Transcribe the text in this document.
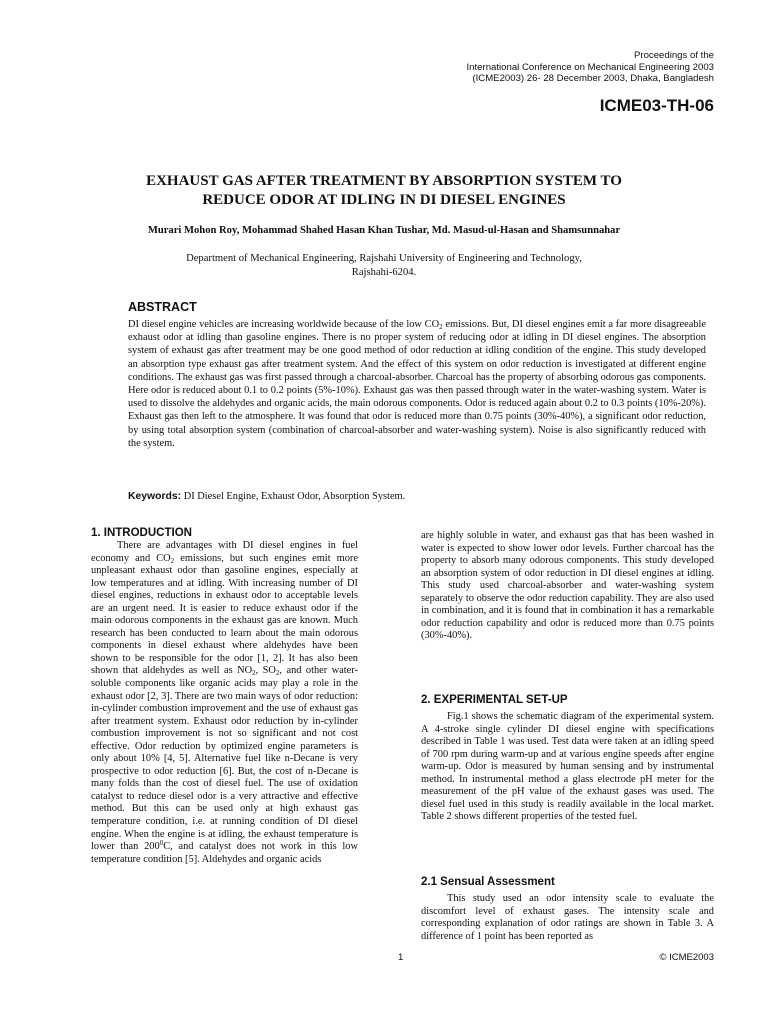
Proceedings of the
International Conference on Mechanical Engineering 2003
(ICME2003) 26- 28 December 2003, Dhaka, Bangladesh
ICME03-TH-06
EXHAUST GAS AFTER TREATMENT BY ABSORPTION SYSTEM TO
REDUCE ODOR AT IDLING IN DI DIESEL ENGINES
Murari Mohon Roy, Mohammad Shahed Hasan Khan Tushar, Md. Masud-ul-Hasan and Shamsunnahar
Department of Mechanical Engineering, Rajshahi University of Engineering and Technology,
Rajshahi-6204.
ABSTRACT
DI diesel engine vehicles are increasing worldwide because of the low $CO_2$ emissions. But, DI diesel engines emit a far more disagreeable exhaust odor at idling than gasoline engines. There is no proper system of reducing odor at idling in DI diesel engines. The absorption system of exhaust gas after treatment may be one good method of odor reduction at idling condition of the engine. This study developed an absorption type exhaust gas after treatment system. And the effect of this system on odor reduction is investigated at different engine conditions. The exhaust gas was first passed through a charcoal-absorber. Charcoal has the property of absorbing odorous gas components. Here odor is reduced about 0.1 to 0.2 points (5%-10%). Exhaust gas was then passed through water in the water-washing system. Water is used to dissolve the aldehydes and organic acids, the main odorous components. Odor is reduced again about 0.2 to 0.3 points (10%-20%). Exhaust gas then left to the atmosphere. It was found that odor is reduced more than 0.75 points (30%-40%), a significant odor reduction, by using total absorption system (combination of charcoal-absorber and water-washing system). Noise is also significantly reduced with the system.
Keywords: DI Diesel Engine, Exhaust Odor, Absorption System.
1. INTRODUCTION
There are advantages with DI diesel engines in fuel economy and $CO_2$ emissions, but such engines emit more unpleasant exhaust odor than gasoline engines, especially at low temperatures and at idling. With increasing number of DI diesel engines, reductions in exhaust odor to acceptable levels are an urgent need. It is easier to reduce exhaust odor if the main odorous components in the exhaust gas are known. Much research has been conducted to learn about the main odorous components in diesel exhaust where aldehydes have been shown to be responsible for the odor [1, 2]. It has also been shown that aldehydes as well as $NO_2$, $SO_2$, and other water-soluble components like organic acids may play a role in the exhaust odor [2, 3]. There are two main ways of odor reduction: in-cylinder combustion improvement and the use of exhaust gas after treatment system. Exhaust odor reduction by in-cylinder combustion improvement is not so significant and not cost effective. Odor reduction by optimized engine parameters is only about 10% [4, 5]. Alternative fuel like n-Decane is very prospective to odor reduction [6]. But, the cost of n-Decane is many folds than the cost of diesel fuel. The use of oxidation catalyst to reduce diesel odor is a very attractive and effective method. But this can be used only at high exhaust gas temperature condition, i.e. at running condition of DI diesel engine. When the engine is at idling, the exhaust temperature is lower than $200^0C$, and catalyst does not work in this low temperature condition [5]. Aldehydes and organic acids
are highly soluble in water, and exhaust gas that has been washed in water is expected to show lower odor levels. Further charcoal has the property to absorb many odorous components. This study developed an absorption system of odor reduction in DI diesel engines at idling. This study used charcoal-absorber and water-washing system separately to observe the odor reduction capability. They are also used in combination, and it is found that in combination it has a remarkable odor reduction capability and odor is reduced more than 0.75 points (30%-40%).
2. EXPERIMENTAL SET-UP
Fig.1 shows the schematic diagram of the experimental system. A 4-stroke single cylinder DI diesel engine with specifications described in Table 1 was used. Test data were taken at an idling speed of 700 rpm during warm-up and at various engine speeds after engine warm-up. Odor is measured by human sensing and by instrumental method. In instrumental method a glass electrode pH meter for the measurement of the pH value of the exhaust gases was used. The diesel fuel used in this study is readily available in the local market. Table 2 shows different properties of the tested fuel.
2.1 Sensual Assessment
This study used an odor intensity scale to evaluate the discomfort level of exhaust gases. The intensity scale and corresponding explanation of odor ratings are shown in Table 3. A difference of 1 point has been reported as
1	© ICME2003
